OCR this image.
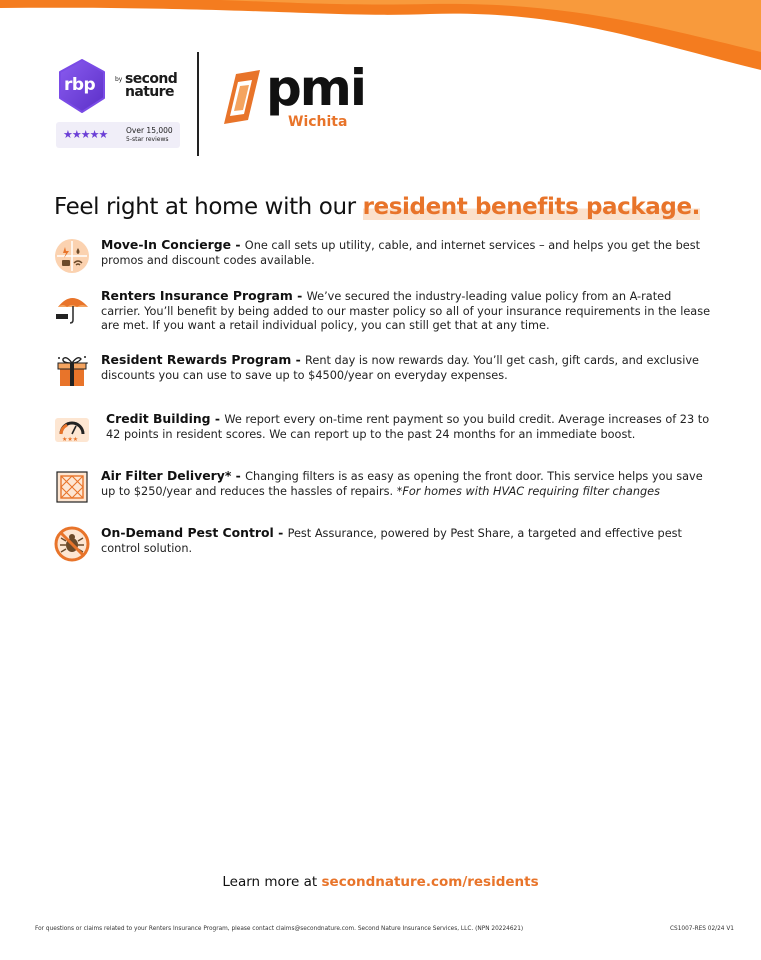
rbp	by second nature
★★★★★ Over 15,000
5-star reviews
pmi
Wichita
Feel right at home with our resident benefits package.
Move-In Concierge - One call sets up utility, cable, and internet services – and helps you get the best promos and discount codes available.
Renters Insurance Program - We’ve secured the industry-leading value policy from an A-rated carrier. You’ll benefit by being added to our master policy so all of your insurance requirements in the lease are met. If you want a retail individual policy, you can still get that at any time.
Resident Rewards Program - Rent day is now rewards day. You’ll get cash, gift cards, and exclusive discounts you can use to save up to $4500/year on everyday expenses.
★★★
Credit Building - We report every on-time rent payment so you build credit. Average increases of 23 to 42 points in resident scores. We can report up to the past 24 months for an immediate boost.
Air Filter Delivery* - Changing filters is as easy as opening the front door. This service helps you save up to $250/year and reduces the hassles of repairs. *For homes with HVAC requiring filter changes
On-Demand Pest Control - Pest Assurance, powered by Pest Share, a targeted and effective pest control solution.
Learn more at secondnature.com/residents
For questions or claims related to your Renters Insurance Program, please contact claims@secondnature.com. Second Nature Insurance Services, LLC. (NPN 20224621)	CS1007-RES 02/24 V1
